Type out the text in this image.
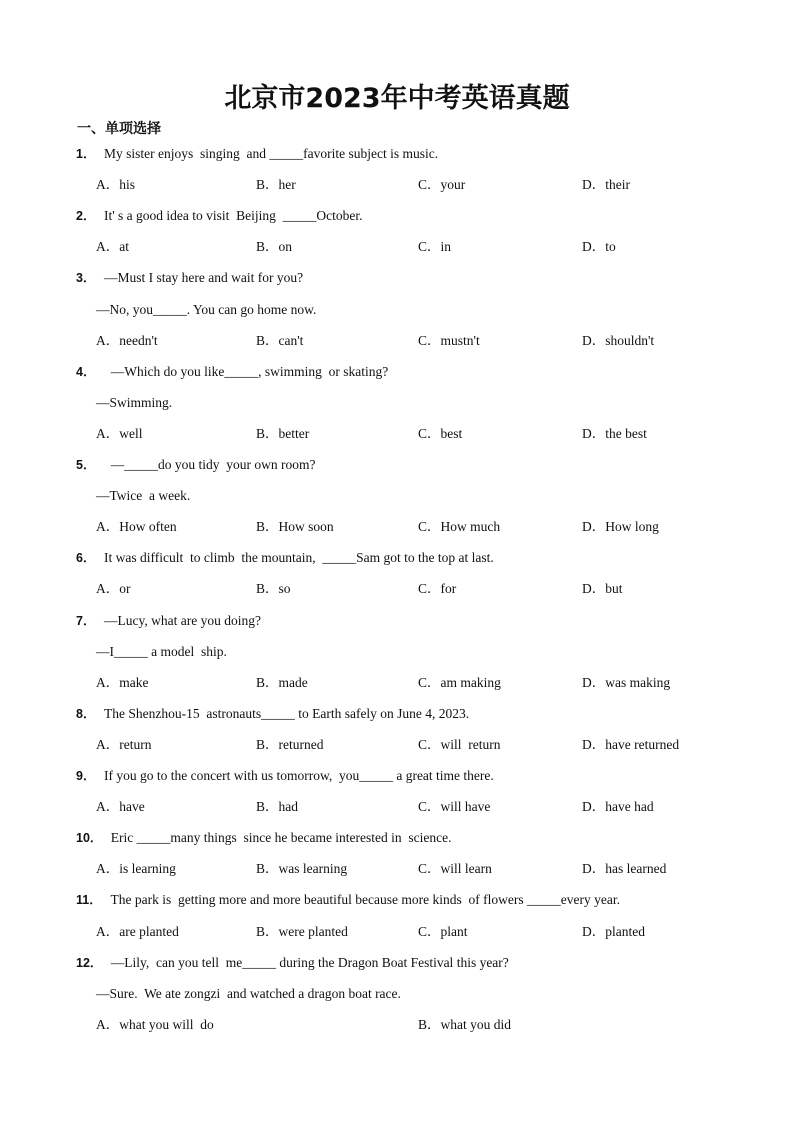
北京市2023年中考英语真题
一、单项选择
1． My sister enjoys  singing  and _____favorite subject is music.
A．his	B．her	C．your	D．their
2． It' s a good idea to visit  Beijing  _____October.
A．at	B．on	C．in	D．to
3． —Must I stay here and wait for you?
—No, you_____. You can go home now.
A．needn't	B．can't	C．mustn't	D．shouldn't
4． —Which do you like_____, swimming  or skating?
—Swimming.
A．well	B．better	C．best	D．the best
5． —_____do you tidy  your own room?
—Twice  a week.
A．How often	B．How soon	C．How much	D．How long
6． It was difficult  to climb  the mountain,  _____Sam got to the top at last.
A．or	B．so	C．for	D．but
7． —Lucy, what are you doing?
—I_____ a model  ship.
A．make	B．made	C．am making	D．was making
8． The Shenzhou-15  astronauts_____ to Earth safely on June 4, 2023.
A．return	B．returned	C．will  return	D．have returned
9． If you go to the concert with us tomorrow,  you_____ a great time there.
A．have	B．had	C．will have	D．have had
10． Eric _____many things  since he became interested in  science.
A．is learning	B．was learning	C．will learn	D．has learned
11． The park is  getting more and more beautiful because more kinds  of flowers _____every year.
A．are planted	B．were planted	C．plant	D．planted
12． —Lily,  can you tell  me_____ during the Dragon Boat Festival this year?
—Sure.  We ate zongzi  and watched a dragon boat race.
A．what you will  do	B．what you did
